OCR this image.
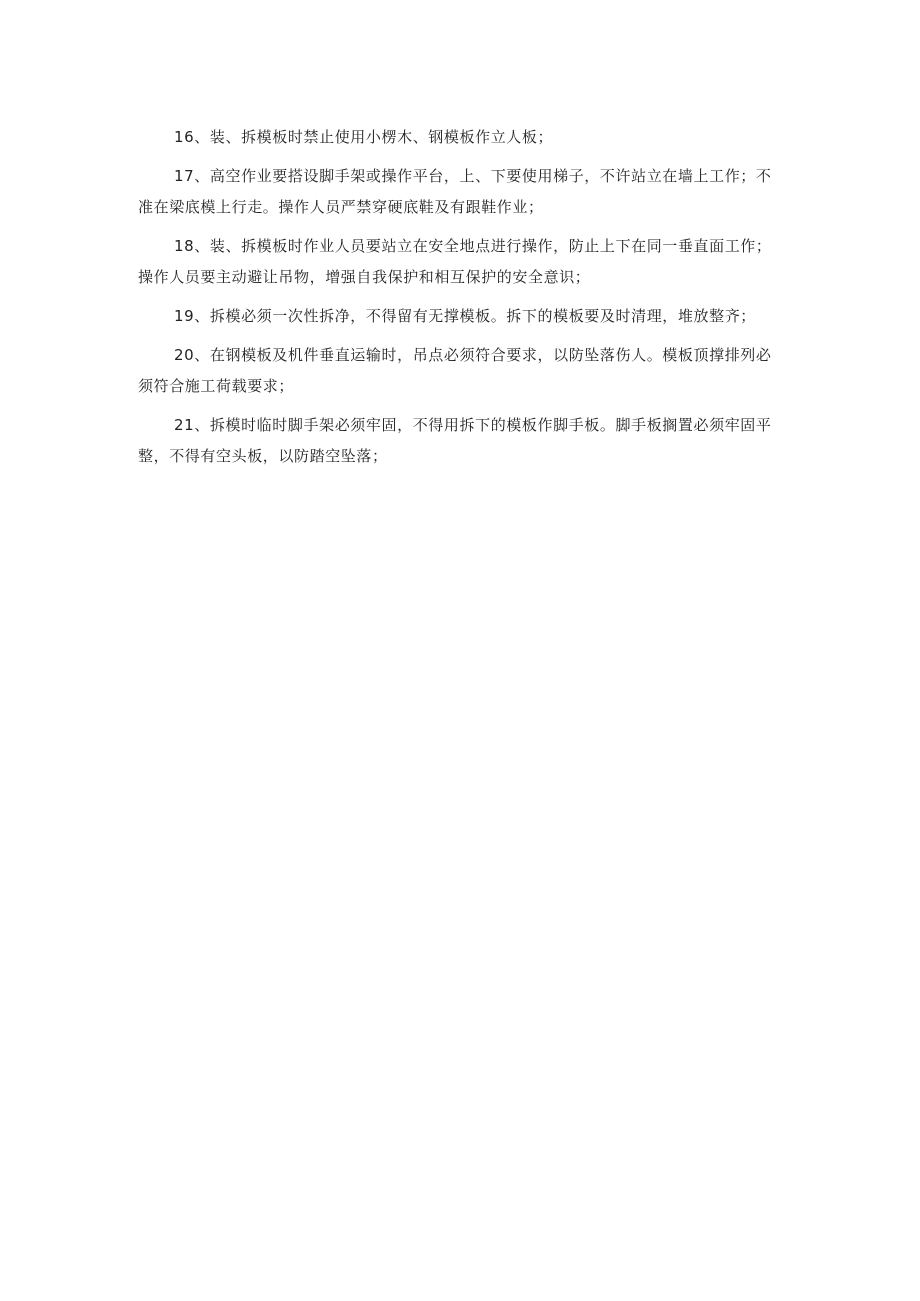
16、装、拆模板时禁止使用小楞木、钢模板作立人板；

17、高空作业要搭设脚手架或操作平台，上、下要使用梯子，不许站立在墙上工作；不准在梁底模上行走。操作人员严禁穿硬底鞋及有跟鞋作业；

18、装、拆模板时作业人员要站立在安全地点进行操作，防止上下在同一垂直面工作；操作人员要主动避让吊物，增强自我保护和相互保护的安全意识；

19、拆模必须一次性拆净，不得留有无撑模板。拆下的模板要及时清理，堆放整齐；

20、在钢模板及机件垂直运输时，吊点必须符合要求，以防坠落伤人。模板顶撑排列必须符合施工荷载要求；

21、拆模时临时脚手架必须牢固，不得用拆下的模板作脚手板。脚手板搁置必须牢固平整，不得有空头板，以防踏空坠落；
